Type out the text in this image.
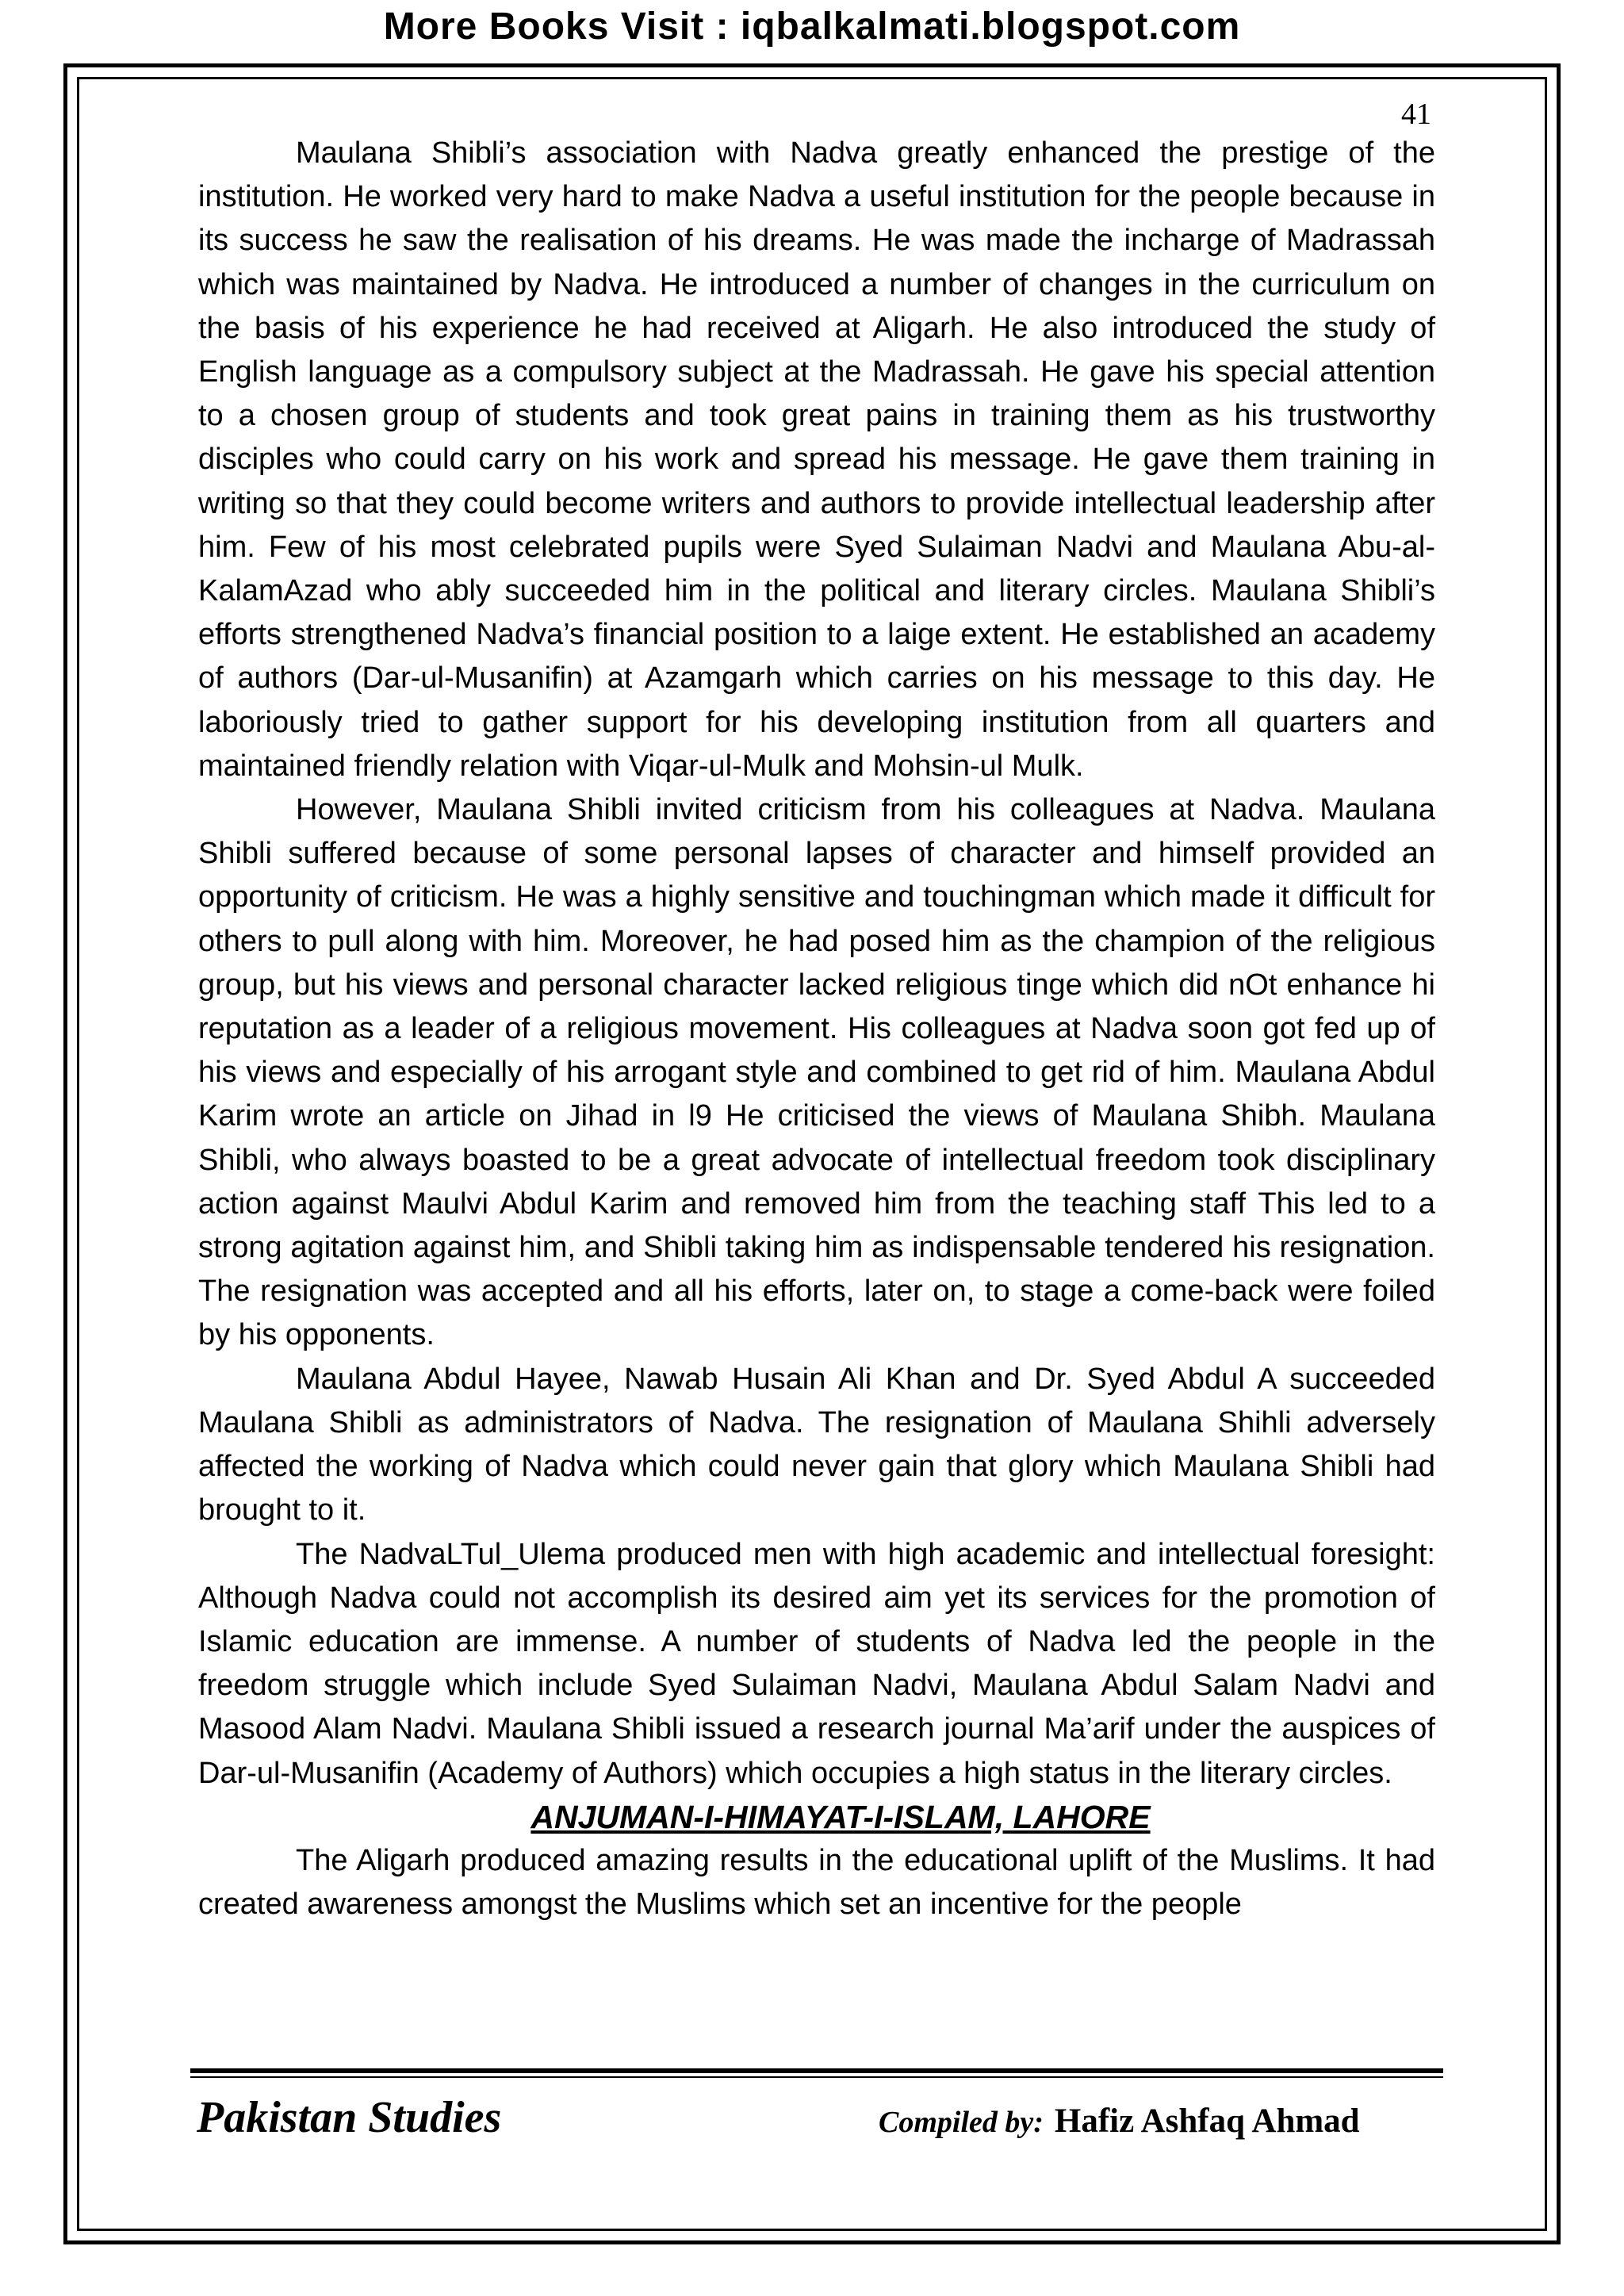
More Books Visit : iqbalkalmati.blogspot.com
41

Maulana Shibli’s association with Nadva greatly enhanced the prestige of the institution. He worked very hard to make Nadva a useful institution for the people because in its success he saw the realisation of his dreams. He was made the incharge of Madrassah which was maintained by Nadva. He introduced a number of changes in the curriculum on the basis of his experience he had received at Aligarh. He also introduced the study of English language as a compulsory subject at the Madrassah. He gave his special attention to a chosen group of students and took great pains in training them as his trustworthy disciples who could carry on his work and spread his message. He gave them training in writing so that they could become writers and authors to provide intellectual leadership after him. Few of his most celebrated pupils were Syed Sulaiman Nadvi and Maulana Abu-al-KalamAzad who ably succeeded him in the political and literary circles. Maulana Shibli’s efforts strengthened Nadva’s financial position to a laige extent. He established an academy of authors (Dar-ul-Musanifin) at Azamgarh which carries on his message to this day. He laboriously tried to gather support for his developing institution from all quarters and maintained friendly relation with Viqar-ul-Mulk and Mohsin-ul Mulk.

However, Maulana Shibli invited criticism from his colleagues at Nadva. Maulana Shibli suffered because of some personal lapses of character and himself provided an opportunity of criticism. He was a highly sensitive and touchingman which made it difficult for others to pull along with him. Moreover, he had posed him as the champion of the religious group, but his views and personal character lacked religious tinge which did nOt enhance hi reputation as a leader of a religious movement. His colleagues at Nadva soon got fed up of his views and especially of his arrogant style and combined to get rid of him. Maulana Abdul Karim wrote an article on Jihad in l9 He criticised the views of Maulana Shibh. Maulana Shibli, who always boasted to be a great advocate of intellectual freedom took disciplinary action against Maulvi Abdul Karim and removed him from the teaching staff This led to a strong agitation against him, and Shibli taking him as indispensable tendered his resignation. The resignation was accepted and all his efforts, later on, to stage a come-back were foiled by his opponents.

Maulana Abdul Hayee, Nawab Husain Ali Khan and Dr. Syed Abdul A succeeded Maulana Shibli as administrators of Nadva. The resignation of Maulana Shihli adversely affected the working of Nadva which could never gain that glory which Maulana Shibli had brought to it.

The NadvaLTul_Ulema produced men with high academic and intellectual foresight: Although Nadva could not accomplish its desired aim yet its services for the promotion of Islamic education are immense. A number of students of Nadva led the people in the freedom struggle which include Syed Sulaiman Nadvi, Maulana Abdul Salam Nadvi and Masood Alam Nadvi. Maulana Shibli issued a research journal Ma’arif under the auspices of Dar-ul-Musanifin (Academy of Authors) which occupies a high status in the literary circles.

ANJUMAN-I-HIMAYAT-I-ISLAM, LAHORE

The Aligarh produced amazing results in the educational uplift of the Muslims. It had created awareness amongst the Muslims which set an incentive for the people

Pakistan Studies	Compiled by: Hafiz Ashfaq Ahmad
